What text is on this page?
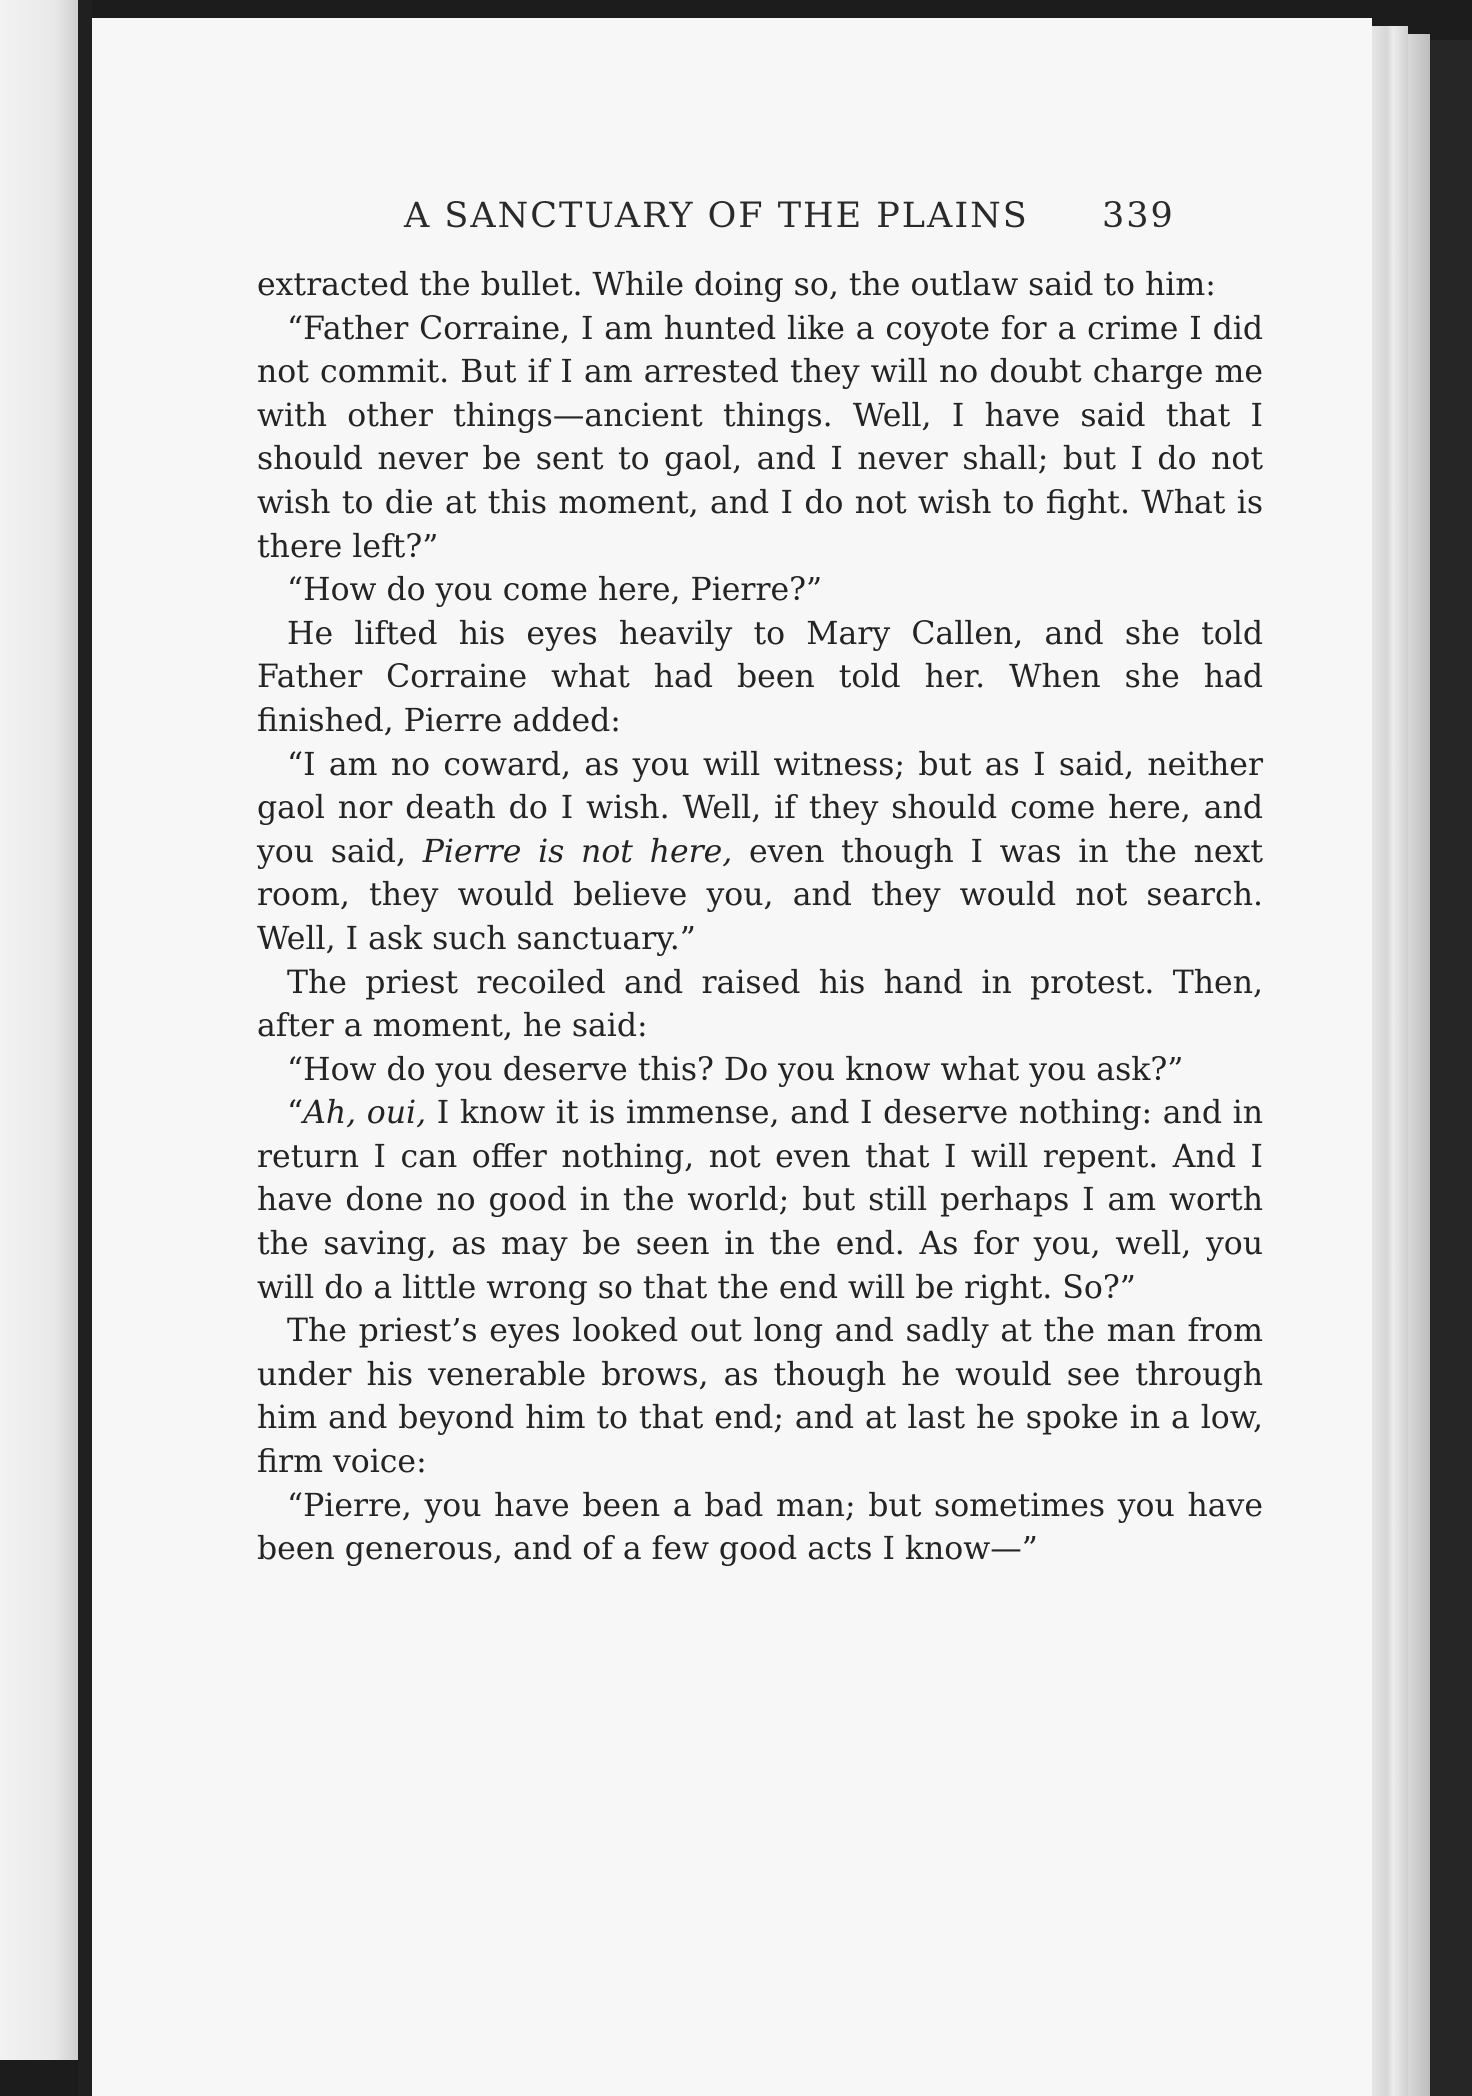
A SANCTUARY OF THE PLAINS 339

extracted the bullet. While doing so, the outlaw said to him:

“Father Corraine, I am hunted like a coyote for a crime I did not commit. But if I am arrested they will no doubt charge me with other things—ancient things. Well, I have said that I should never be sent to gaol, and I never shall; but I do not wish to die at this moment, and I do not wish to fight. What is there left?”

“How do you come here, Pierre?”

He lifted his eyes heavily to Mary Callen, and she told Father Corraine what had been told her. When she had finished, Pierre added:

“I am no coward, as you will witness; but as I said, neither gaol nor death do I wish. Well, if they should come here, and you said, Pierre is not here, even though I was in the next room, they would believe you, and they would not search. Well, I ask such sanctuary.”

The priest recoiled and raised his hand in protest. Then, after a moment, he said:

“How do you deserve this? Do you know what you ask?”

“Ah, oui, I know it is immense, and I deserve nothing: and in return I can offer nothing, not even that I will repent. And I have done no good in the world; but still perhaps I am worth the saving, as may be seen in the end. As for you, well, you will do a little wrong so that the end will be right. So?”

The priest’s eyes looked out long and sadly at the man from under his venerable brows, as though he would see through him and beyond him to that end; and at last he spoke in a low, firm voice:

“Pierre, you have been a bad man; but sometimes you have been generous, and of a few good acts I know—”
